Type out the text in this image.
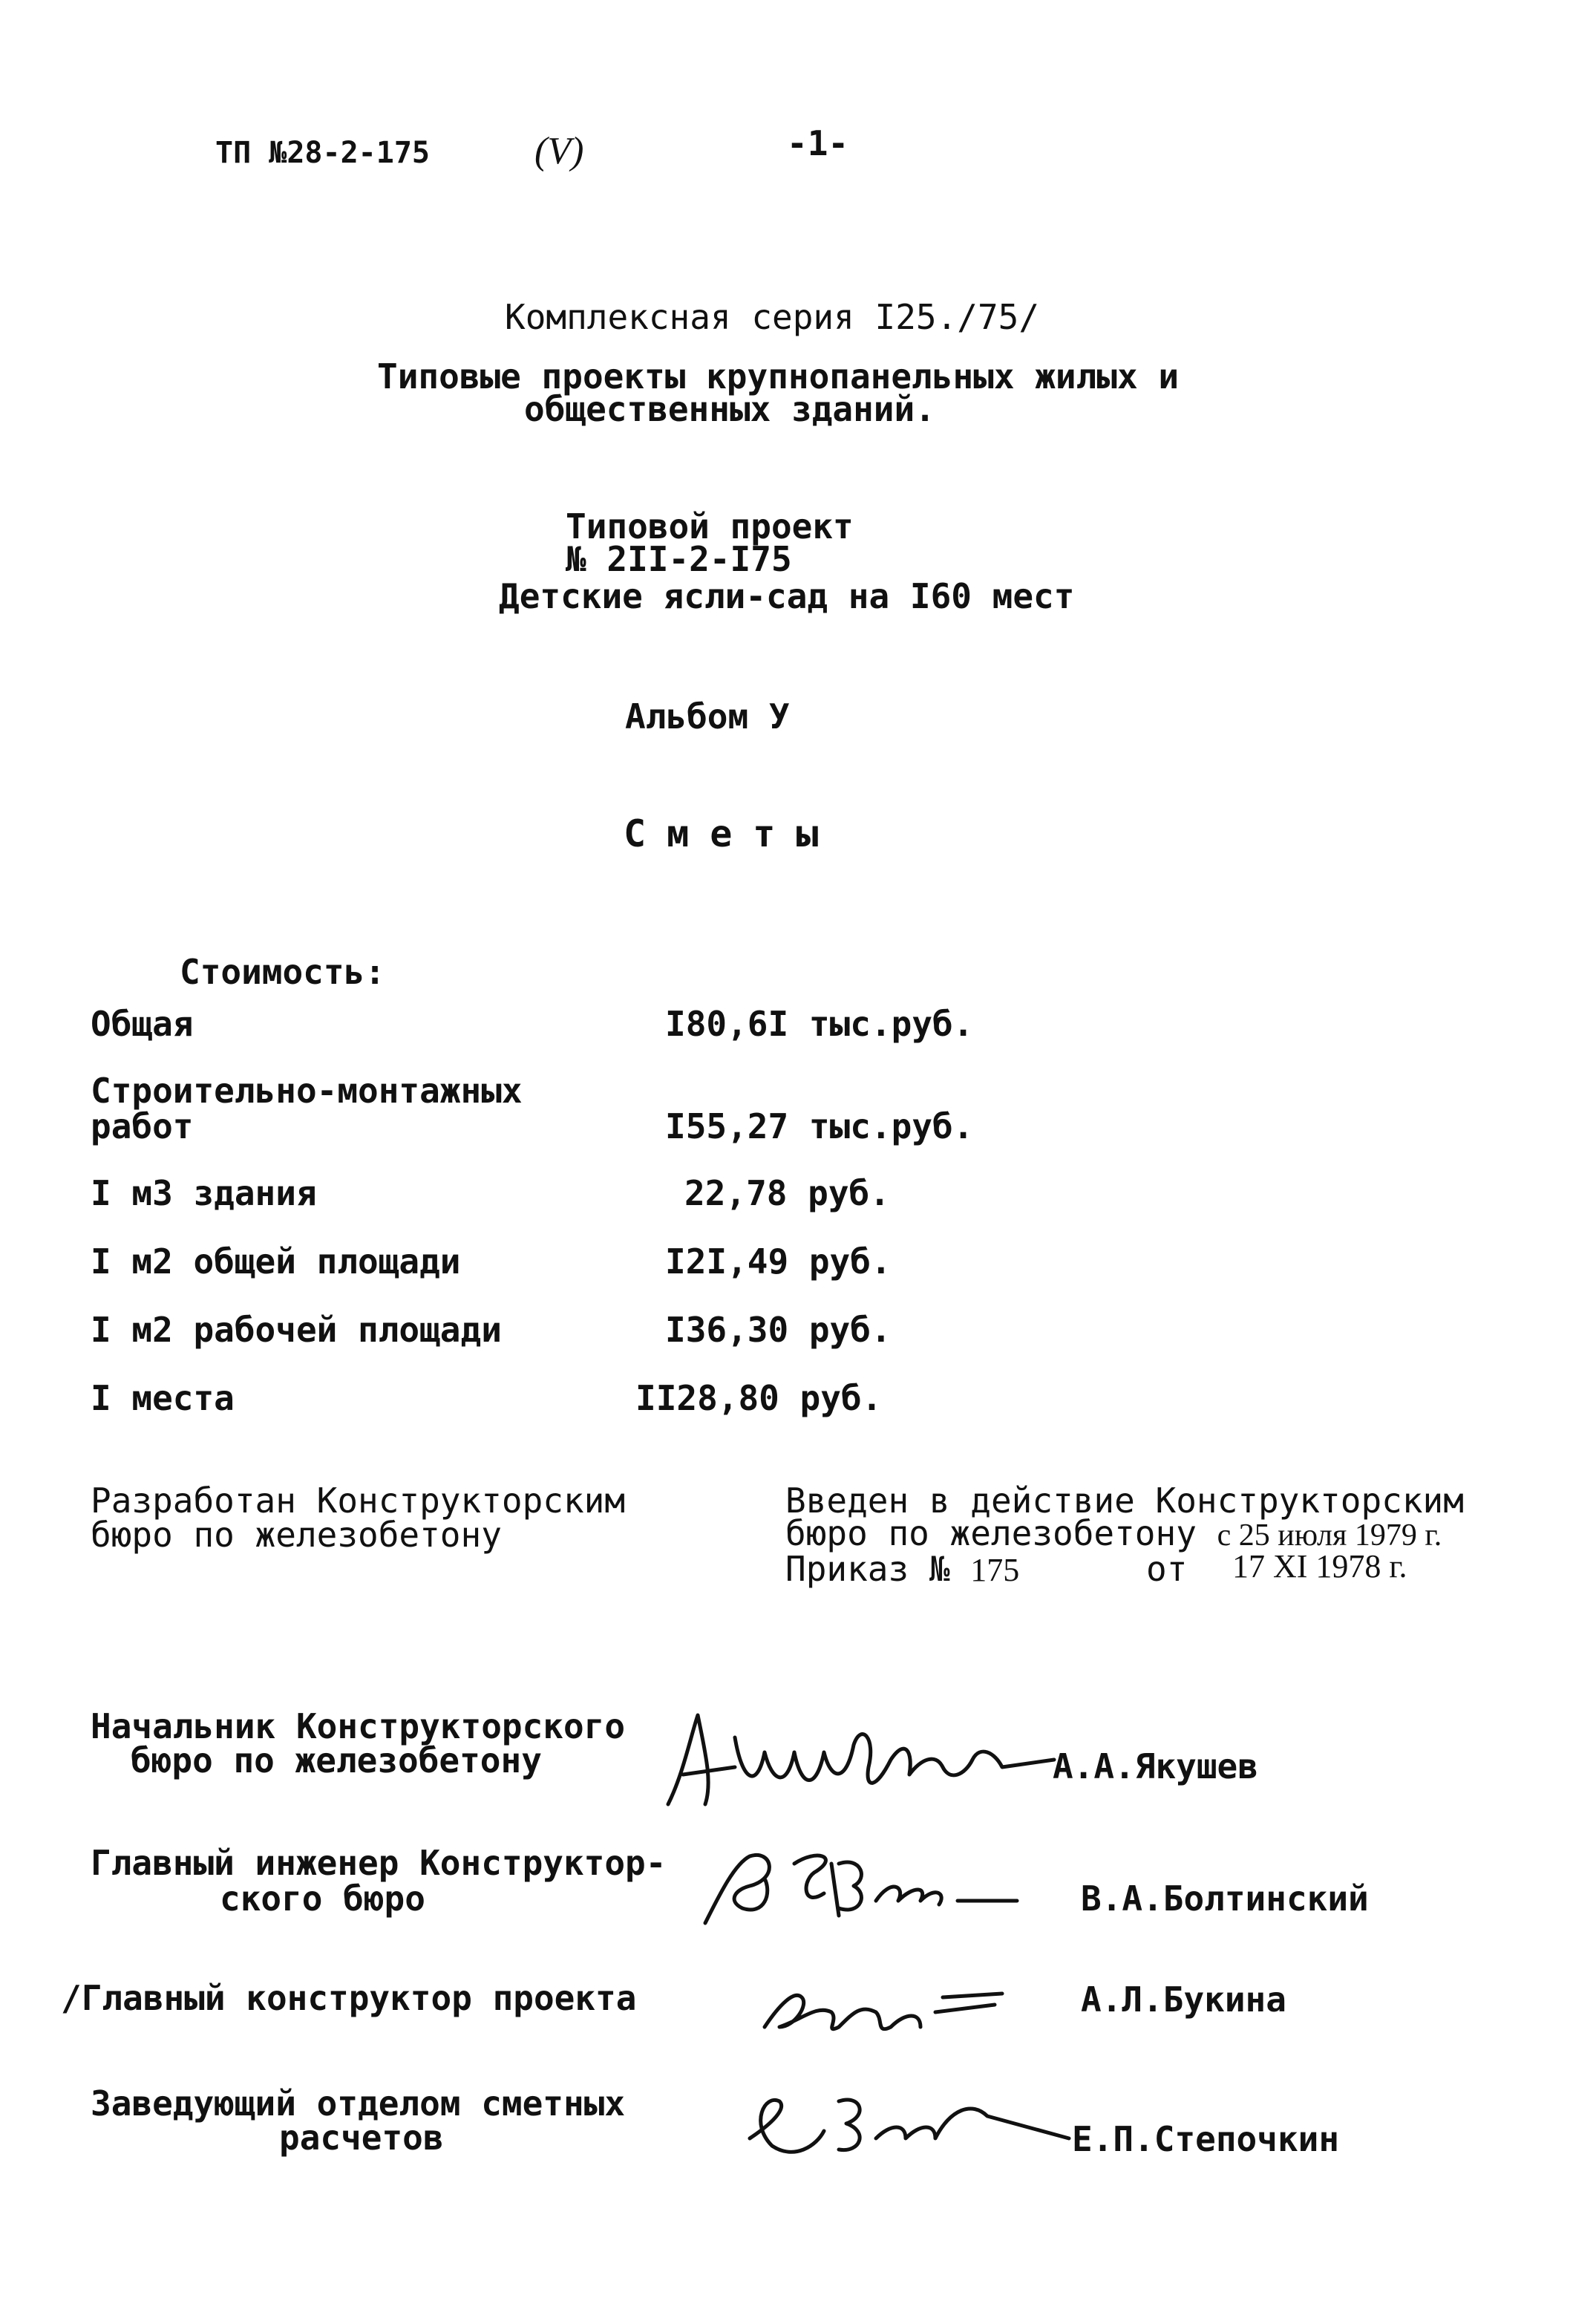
ТП №28-2-175	(V)	-1-
Комплексная серия I25./75/
Типовые проекты крупнопанельных жилых и
общественных зданий.
Типовой проект
№ 2II-2-I75
Детские ясли-сад на I60 мест
Альбом У
Сметы
Стоимость:
Общая	I80,6I тыс.руб.
Строительно-монтажных
работ	I55,27 тыс.руб.
I м3 здания	22,78 руб.
I м2 общей площади	I2I,49 руб.
I м2 рабочей площади	I36,30 руб.
I места	II28,80 руб.
Разработан Конструкторским
бюро по железобетону
Введен в действие Конструкторским
бюро по железобетону с 25 июля 1979 г.
Приказ № 175	от 17 XI 1978 г.
Начальник Конструкторского
бюро по железобетону	А.А.Якушев
Главный инженер Конструктор-
ского бюро	В.А.Болтинский
/Главный конструктор проекта	А.Л.Букина
Заведующий отделом сметных
расчетов	Е.П.Степочкин
